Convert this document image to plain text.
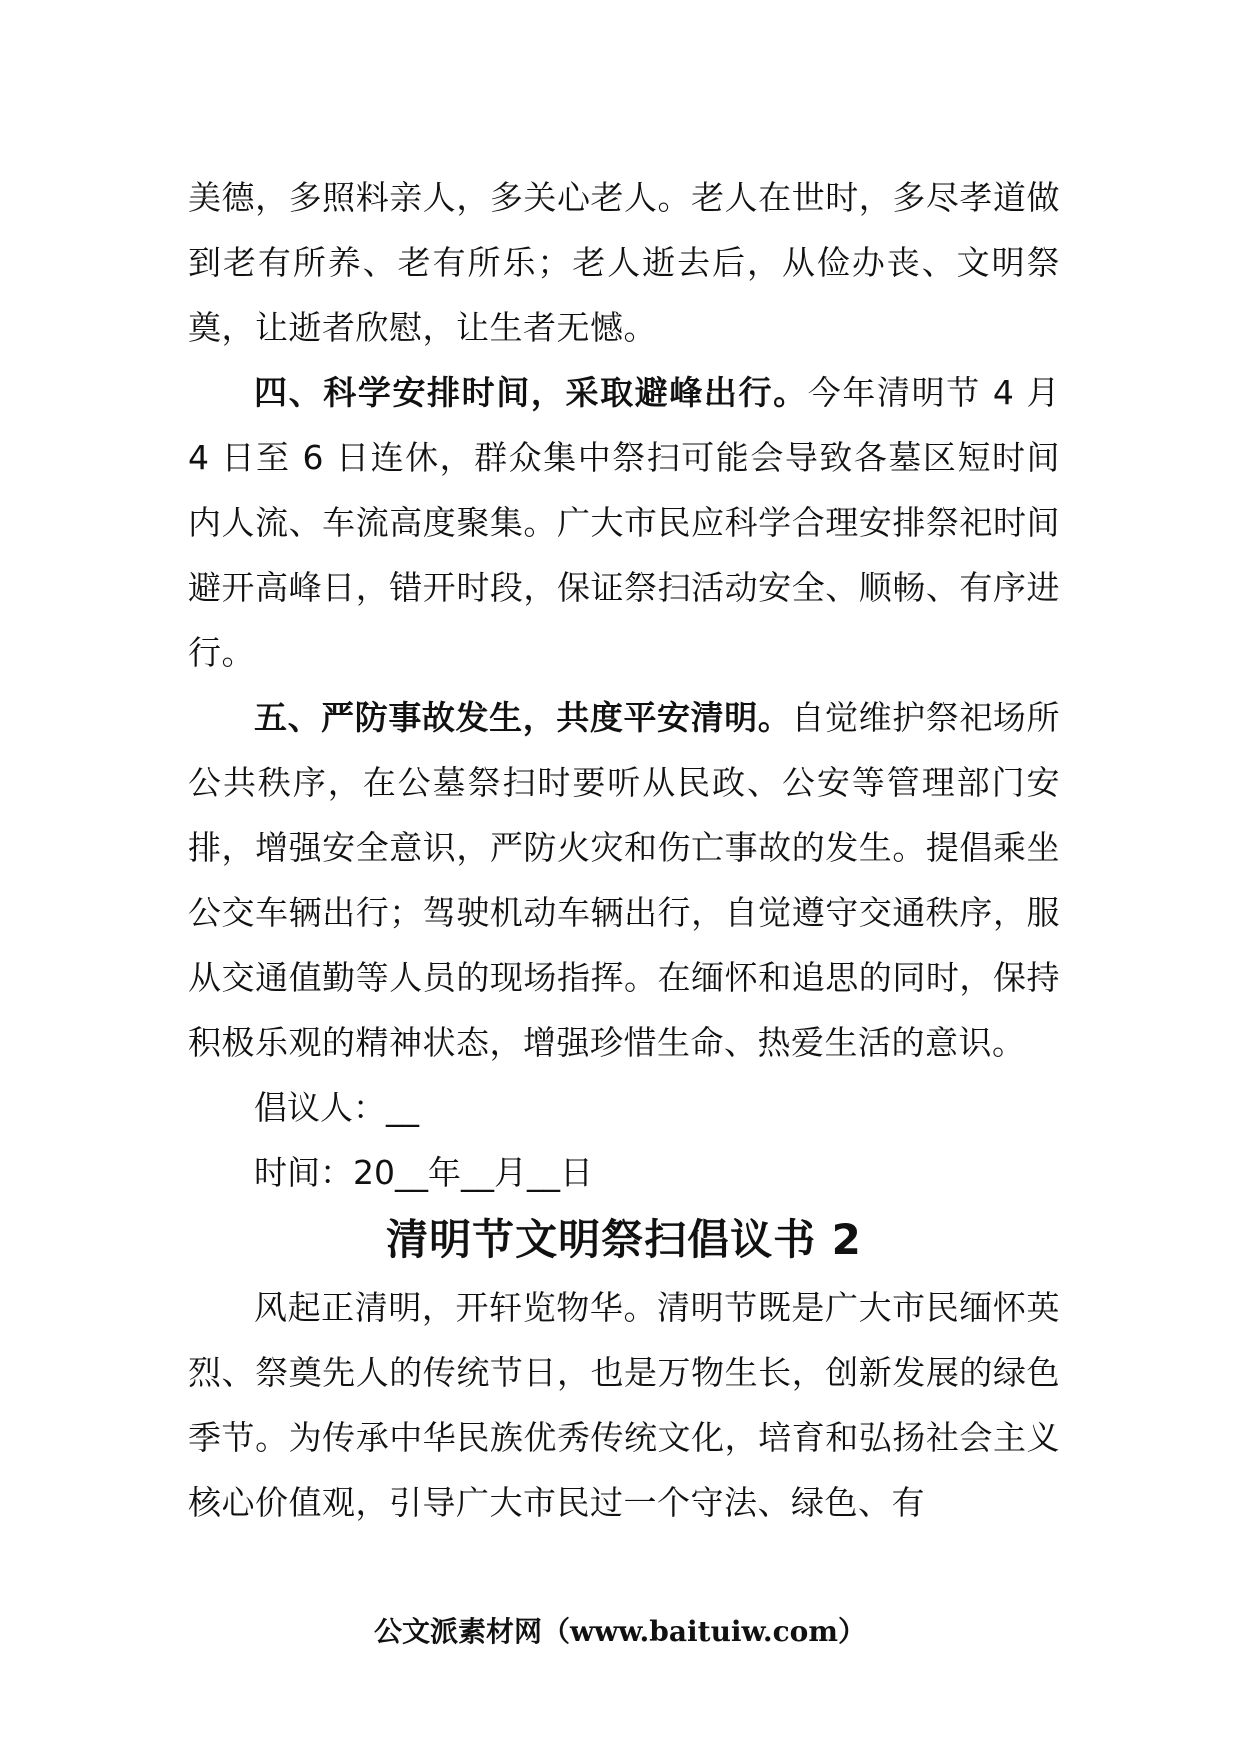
美德，多照料亲人，多关心老人。老人在世时，多尽孝道做到老有所养、老有所乐；老人逝去后，从俭办丧、文明祭奠，让逝者欣慰，让生者无憾。

四、科学安排时间，采取避峰出行。今年清明节 4 月 4 日至 6 日连休，群众集中祭扫可能会导致各墓区短时间内人流、车流高度聚集。广大市民应科学合理安排祭祀时间避开高峰日，错开时段，保证祭扫活动安全、顺畅、有序进行。

五、严防事故发生，共度平安清明。自觉维护祭祀场所公共秩序，在公墓祭扫时要听从民政、公安等管理部门安排，增强安全意识，严防火灾和伤亡事故的发生。提倡乘坐公交车辆出行；驾驶机动车辆出行，自觉遵守交通秩序，服从交通值勤等人员的现场指挥。在缅怀和追思的同时，保持积极乐观的精神状态，增强珍惜生命、热爱生活的意识。

倡议人：__

时间：20__年__月__日

清明节文明祭扫倡议书 2

风起正清明，开轩览物华。清明节既是广大市民缅怀英烈、祭奠先人的传统节日，也是万物生长，创新发展的绿色季节。为传承中华民族优秀传统文化，培育和弘扬社会主义核心价值观，引导广大市民过一个守法、绿色、有

公文派素材网（www.baituiw.com）
